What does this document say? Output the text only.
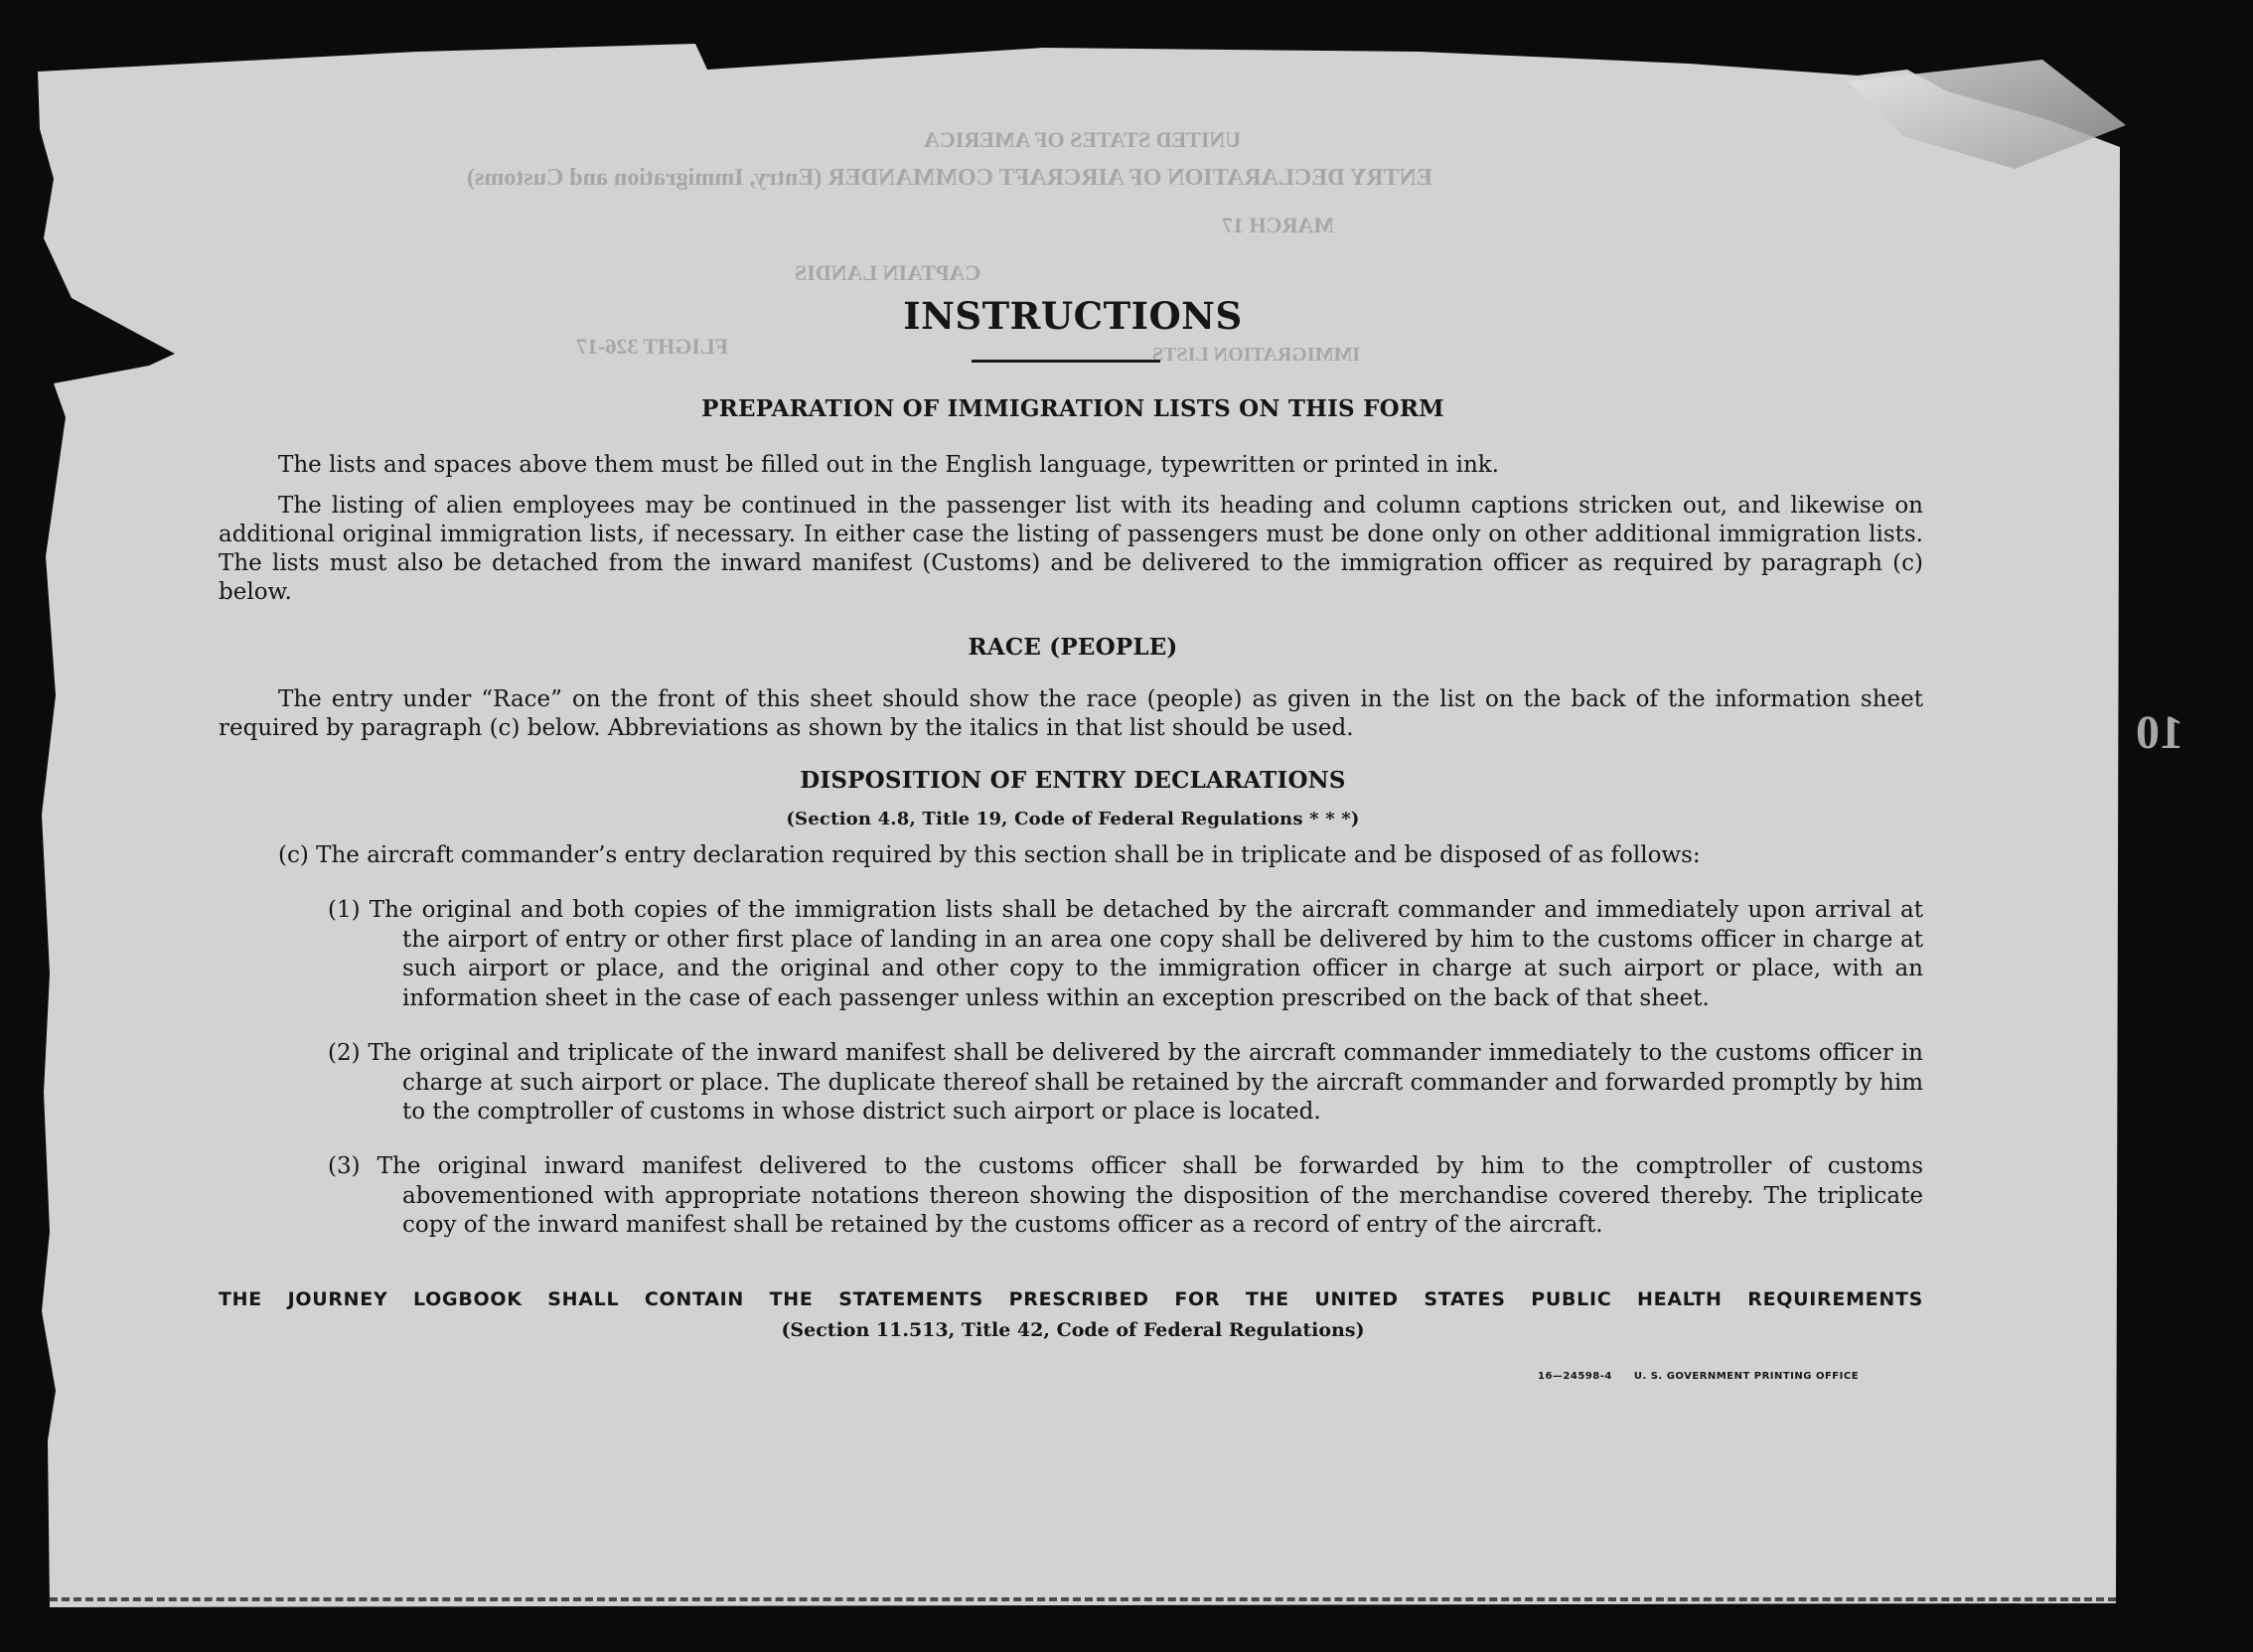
UNITED STATES OF AMERICA
ENTRY DECLARATION OF AIRCRAFT COMMANDER (Entry, Immigration and Customs)
MARCH 17
CAPTAIN LANDIS
FLIGHT 326-17	IMMIGRATION LISTS
10
INSTRUCTIONS
PREPARATION OF IMMIGRATION LISTS ON THIS FORM
The lists and spaces above them must be filled out in the English language, typewritten or printed in ink.
The listing of alien employees may be continued in the passenger list with its heading and column captions stricken out, and likewise on additional original immigration lists, if necessary. In either case the listing of passengers must be done only on other additional immigration lists. The lists must also be detached from the inward manifest (Customs) and be delivered to the immigration officer as required by paragraph (c) below.
RACE (PEOPLE)
The entry under “Race” on the front of this sheet should show the race (people) as given in the list on the back of the information sheet required by paragraph (c) below. Abbreviations as shown by the italics in that list should be used.
DISPOSITION OF ENTRY DECLARATIONS
(Section 4.8, Title 19, Code of Federal Regulations * * *)
(c) The aircraft commander’s entry declaration required by this section shall be in triplicate and be disposed of as follows:
(1) The original and both copies of the immigration lists shall be detached by the aircraft commander and immediately upon arrival at the airport of entry or other first place of landing in an area one copy shall be delivered by him to the customs officer in charge at such airport or place, and the original and other copy to the immigration officer in charge at such airport or place, with an information sheet in the case of each passenger unless within an exception prescribed on the back of that sheet.
(2) The original and triplicate of the inward manifest shall be delivered by the aircraft commander immediately to the customs officer in charge at such airport or place. The duplicate thereof shall be retained by the aircraft commander and forwarded promptly by him to the comptroller of customs in whose district such airport or place is located.
(3) The original inward manifest delivered to the customs officer shall be forwarded by him to the comptroller of customs abovementioned with appropriate notations thereon showing the disposition of the merchandise covered thereby. The triplicate copy of the inward manifest shall be retained by the customs officer as a record of entry of the aircraft.
THE JOURNEY LOGBOOK SHALL CONTAIN THE STATEMENTS PRESCRIBED FOR THE UNITED STATES PUBLIC HEALTH REQUIREMENTS
(Section 11.513, Title 42, Code of Federal Regulations)
16—24598-4 U. S. GOVERNMENT PRINTING OFFICE
